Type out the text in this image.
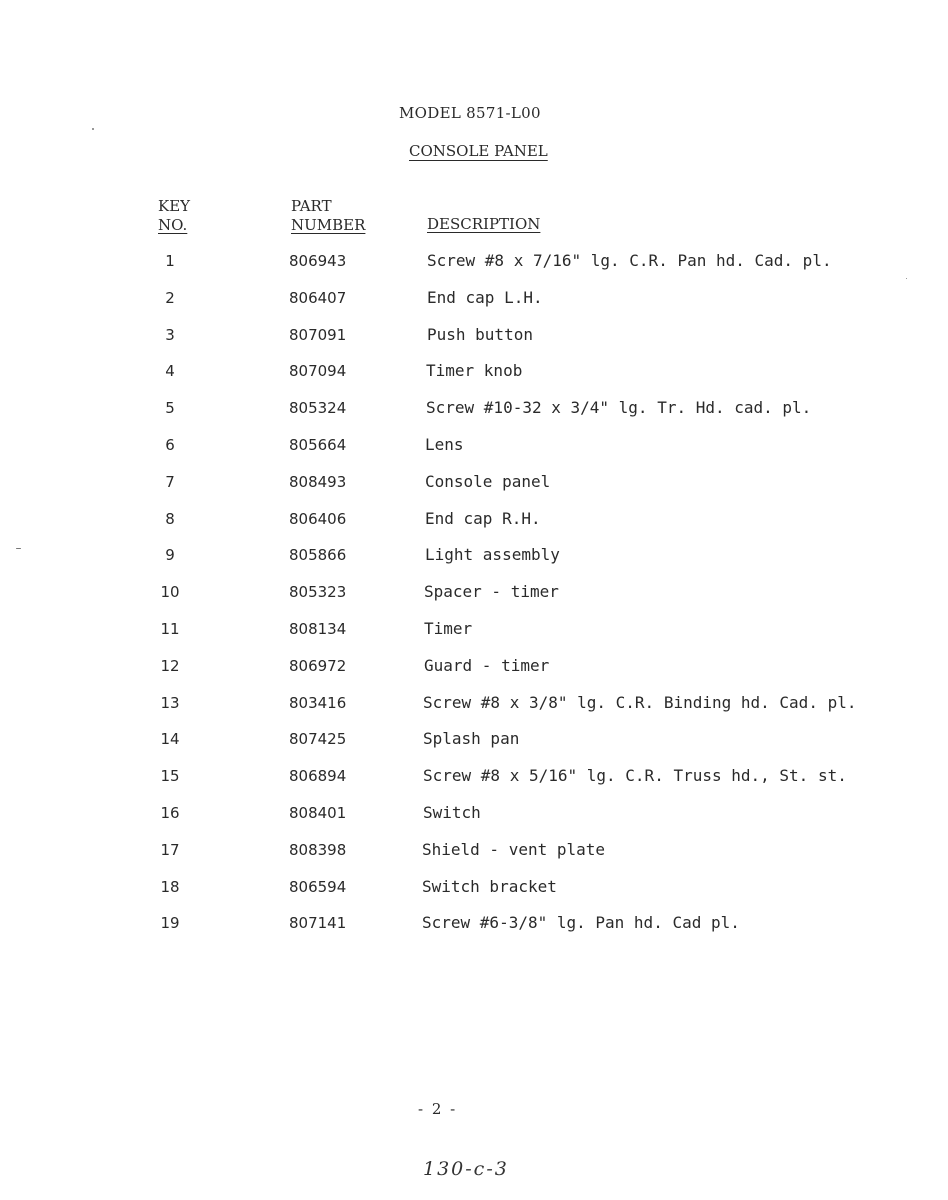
MODEL 8571-L00
CONSOLE PANEL
KEY
NO.
PART
NUMBER	DESCRIPTION
1	806943	Screw #8 x 7/16" lg. C.R. Pan hd. Cad. pl.
2	806407	End cap L.H.
3	807091	Push button
4	807094	Timer knob
5	805324	Screw #10-32 x 3/4" lg. Tr. Hd. cad. pl.
6	805664	Lens
7	808493	Console panel
8	806406	End cap R.H.
9	805866	Light assembly
10	805323	Spacer - timer
11	808134	Timer
12	806972	Guard - timer
13	803416	Screw #8 x 3/8" lg. C.R. Binding hd. Cad. pl.
14	807425	Splash pan
15	806894	Screw #8 x 5/16" lg. C.R. Truss hd., St. st.
16	808401	Switch
17	808398	Shield - vent plate
18	806594	Switch bracket
19	807141	Screw #6-3/8" lg. Pan hd. Cad pl.
- 2 -
130-c-3
